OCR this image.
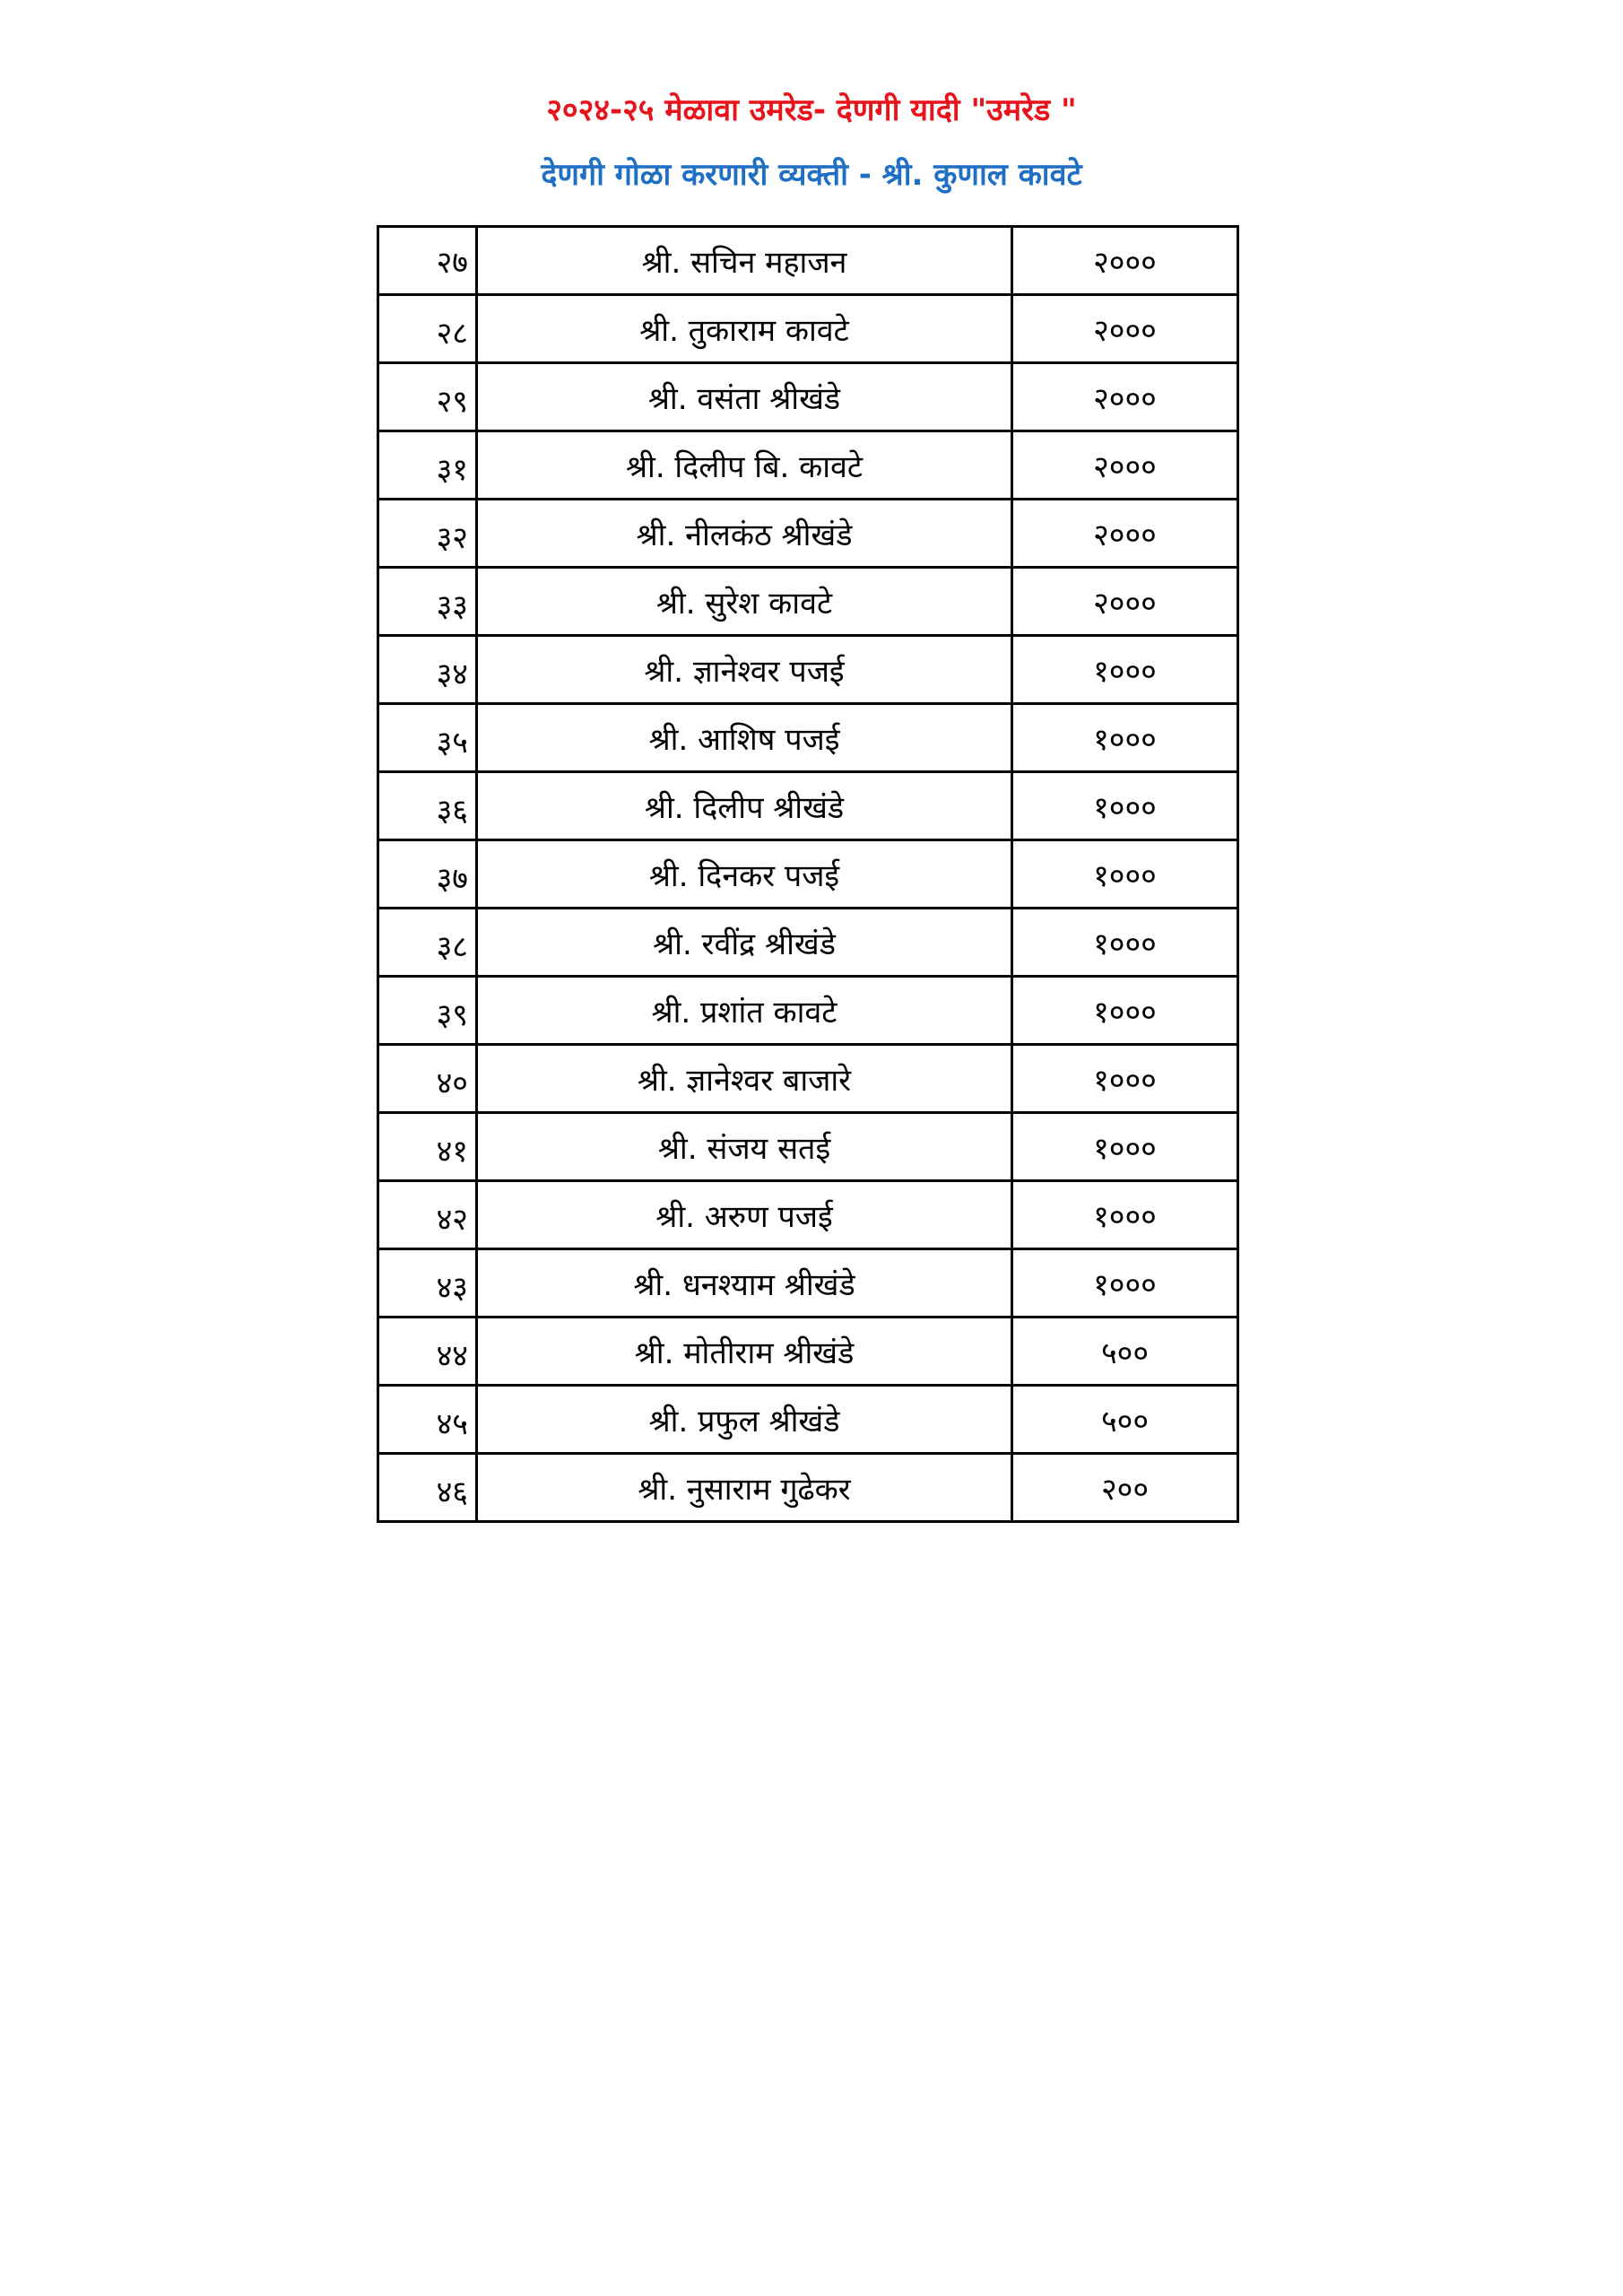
२०२४-२५ मेळावा उमरेड- देणगी यादी "उमरेड "
देणगी गोळा करणारी व्यक्ती - श्री. कुणाल कावटे
२७	श्री. सचिन महाजन	२०००
२८	श्री. तुकाराम कावटे	२०००
२९	श्री. वसंता श्रीखंडे	२०००
३१	श्री. दिलीप बि. कावटे	२०००
३२	श्री. नीलकंठ श्रीखंडे	२०००
३३	श्री. सुरेश कावटे	२०००
३४	श्री. ज्ञानेश्वर पजई	१०००
३५	श्री. आशिष पजई	१०००
३६	श्री. दिलीप श्रीखंडे	१०००
३७	श्री. दिनकर पजई	१०००
३८	श्री. रवींद्र श्रीखंडे	१०००
३९	श्री. प्रशांत कावटे	१०००
४०	श्री. ज्ञानेश्वर बाजारे	१०००
४१	श्री. संजय सतई	१०००
४२	श्री. अरुण पजई	१०००
४३	श्री. धनश्याम श्रीखंडे	१०००
४४	श्री. मोतीराम श्रीखंडे	५००
४५	श्री. प्रफुल श्रीखंडे	५००
४६	श्री. नुसाराम गुढेकर	२००
